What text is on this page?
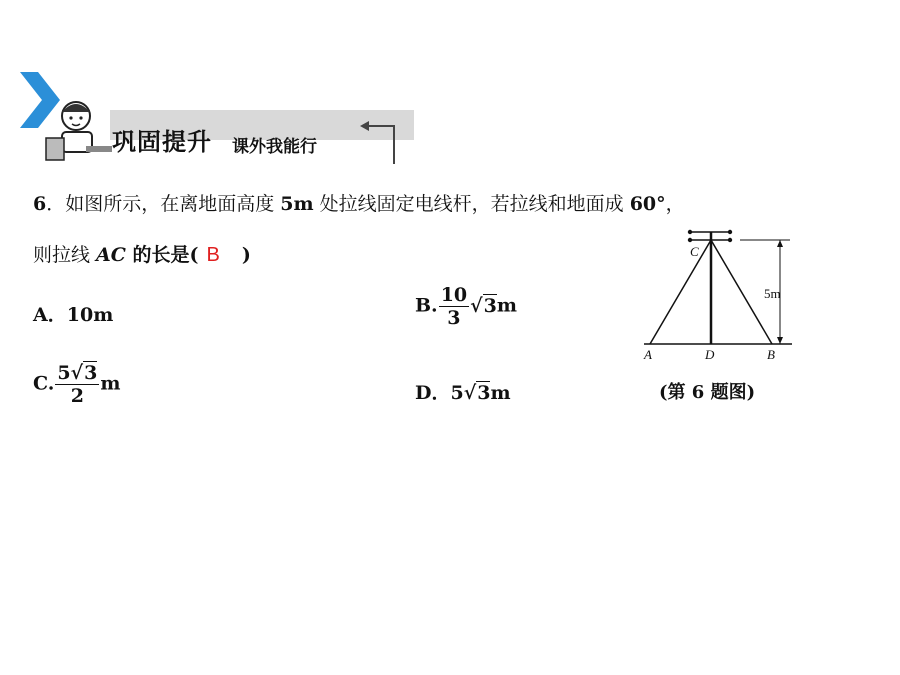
巩固提升 课外我能行
6．如图所示，在离地面高度 5m 处拉线固定电线杆，若拉线和地面成 60°，
则拉线 AC 的长是( B )
A．10m	B. $\frac{10}{3} √3m$
C. $\frac{5√3}{2}$ m	D．5√3m
5m
C
A	D	B
(第 6 题图)
